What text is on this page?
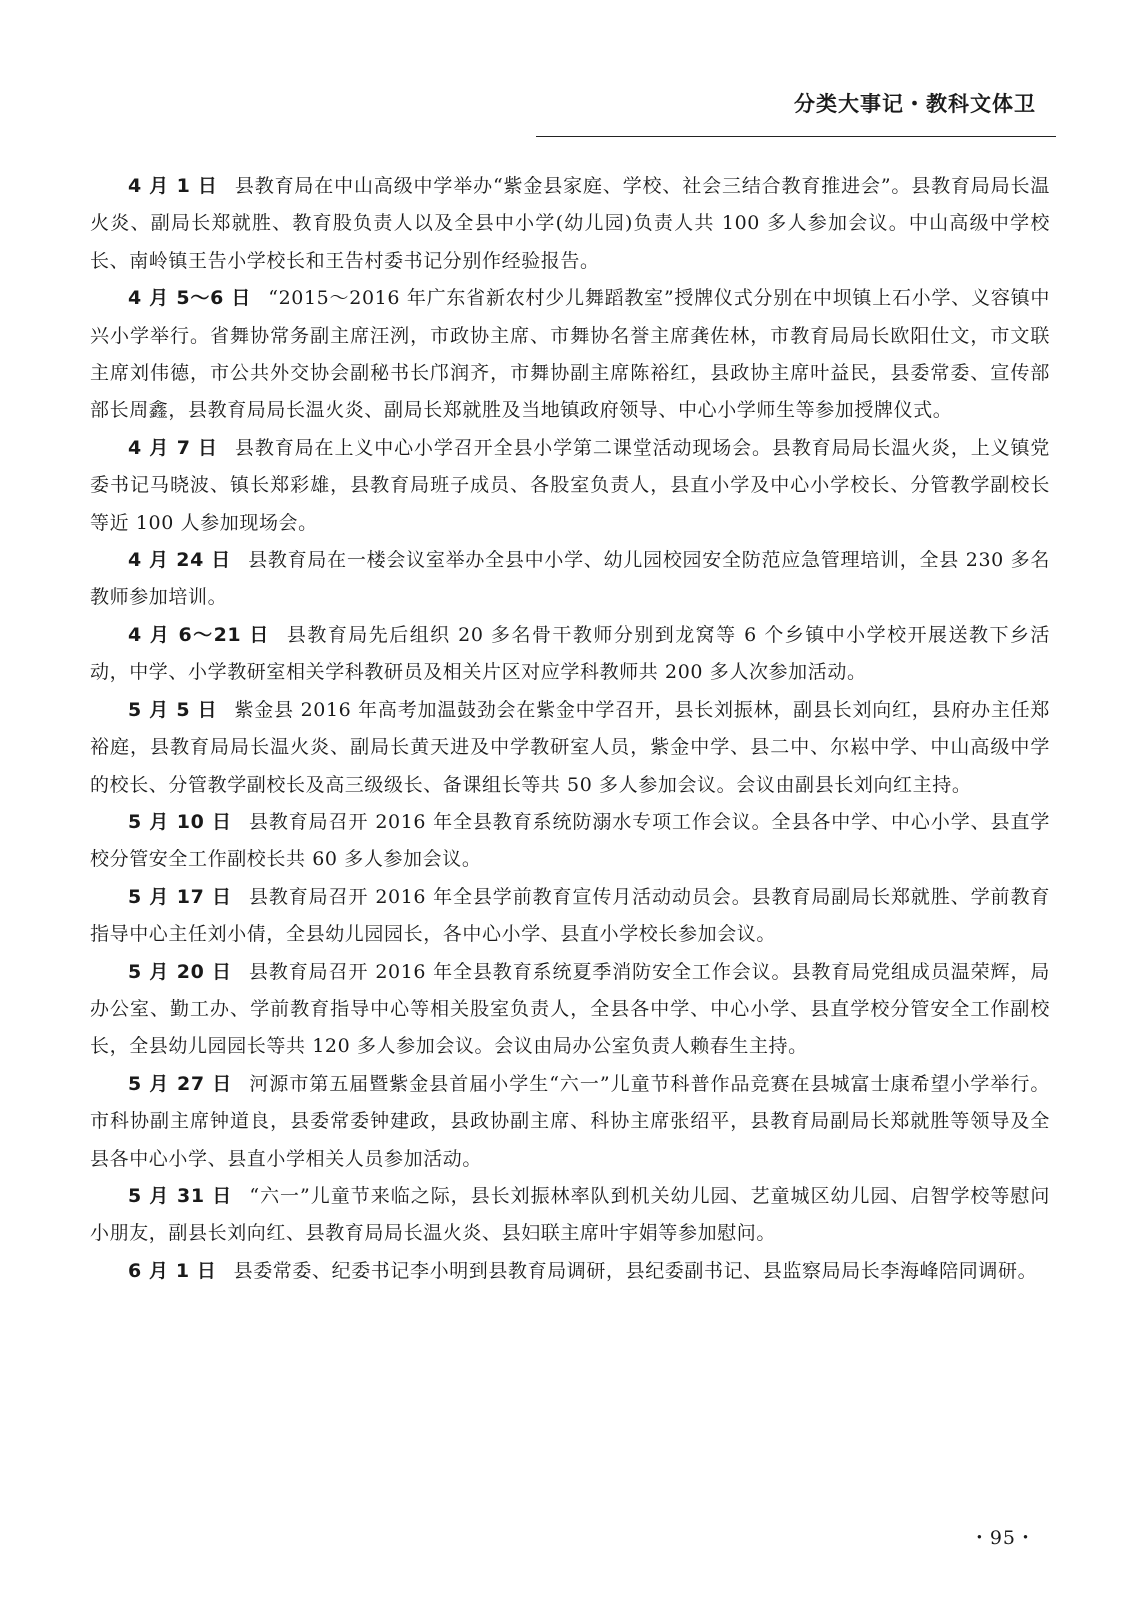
分类大事记・教科文体卫

4 月 1 日 县教育局在中山高级中学举办“紫金县家庭、学校、社会三结合教育推进会”。县教育局局长温火炎、副局长郑就胜、教育股负责人以及全县中小学(幼儿园)负责人共 100 多人参加会议。中山高级中学校长、南岭镇王告小学校长和王告村委书记分别作经验报告。

4 月 5～6 日 “2015～2016 年广东省新农村少儿舞蹈教室”授牌仪式分别在中坝镇上石小学、义容镇中兴小学举行。省舞协常务副主席汪洌，市政协主席、市舞协名誉主席龚佐林，市教育局局长欧阳仕文，市文联主席刘伟德，市公共外交协会副秘书长邝润齐，市舞协副主席陈裕红，县政协主席叶益民，县委常委、宣传部部长周鑫，县教育局局长温火炎、副局长郑就胜及当地镇政府领导、中心小学师生等参加授牌仪式。

4 月 7 日 县教育局在上义中心小学召开全县小学第二课堂活动现场会。县教育局局长温火炎，上义镇党委书记马晓波、镇长郑彩雄，县教育局班子成员、各股室负责人，县直小学及中心小学校长、分管教学副校长等近 100 人参加现场会。

4 月 24 日 县教育局在一楼会议室举办全县中小学、幼儿园校园安全防范应急管理培训，全县 230 多名教师参加培训。

4 月 6～21 日 县教育局先后组织 20 多名骨干教师分别到龙窝等 6 个乡镇中小学校开展送教下乡活动，中学、小学教研室相关学科教研员及相关片区对应学科教师共 200 多人次参加活动。

5 月 5 日 紫金县 2016 年高考加温鼓劲会在紫金中学召开，县长刘振林，副县长刘向红，县府办主任郑裕庭，县教育局局长温火炎、副局长黄天进及中学教研室人员，紫金中学、县二中、尔崧中学、中山高级中学的校长、分管教学副校长及高三级级长、备课组长等共 50 多人参加会议。会议由副县长刘向红主持。

5 月 10 日 县教育局召开 2016 年全县教育系统防溺水专项工作会议。全县各中学、中心小学、县直学校分管安全工作副校长共 60 多人参加会议。

5 月 17 日 县教育局召开 2016 年全县学前教育宣传月活动动员会。县教育局副局长郑就胜、学前教育指导中心主任刘小倩，全县幼儿园园长，各中心小学、县直小学校长参加会议。

5 月 20 日 县教育局召开 2016 年全县教育系统夏季消防安全工作会议。县教育局党组成员温荣辉，局办公室、勤工办、学前教育指导中心等相关股室负责人，全县各中学、中心小学、县直学校分管安全工作副校长，全县幼儿园园长等共 120 多人参加会议。会议由局办公室负责人赖春生主持。

5 月 27 日 河源市第五届暨紫金县首届小学生“六一”儿童节科普作品竞赛在县城富士康希望小学举行。市科协副主席钟道良，县委常委钟建政，县政协副主席、科协主席张绍平，县教育局副局长郑就胜等领导及全县各中心小学、县直小学相关人员参加活动。

5 月 31 日 “六一”儿童节来临之际，县长刘振林率队到机关幼儿园、艺童城区幼儿园、启智学校等慰问小朋友，副县长刘向红、县教育局局长温火炎、县妇联主席叶宇娟等参加慰问。

6 月 1 日 县委常委、纪委书记李小明到县教育局调研，县纪委副书记、县监察局局长李海峰陪同调研。

・95・
